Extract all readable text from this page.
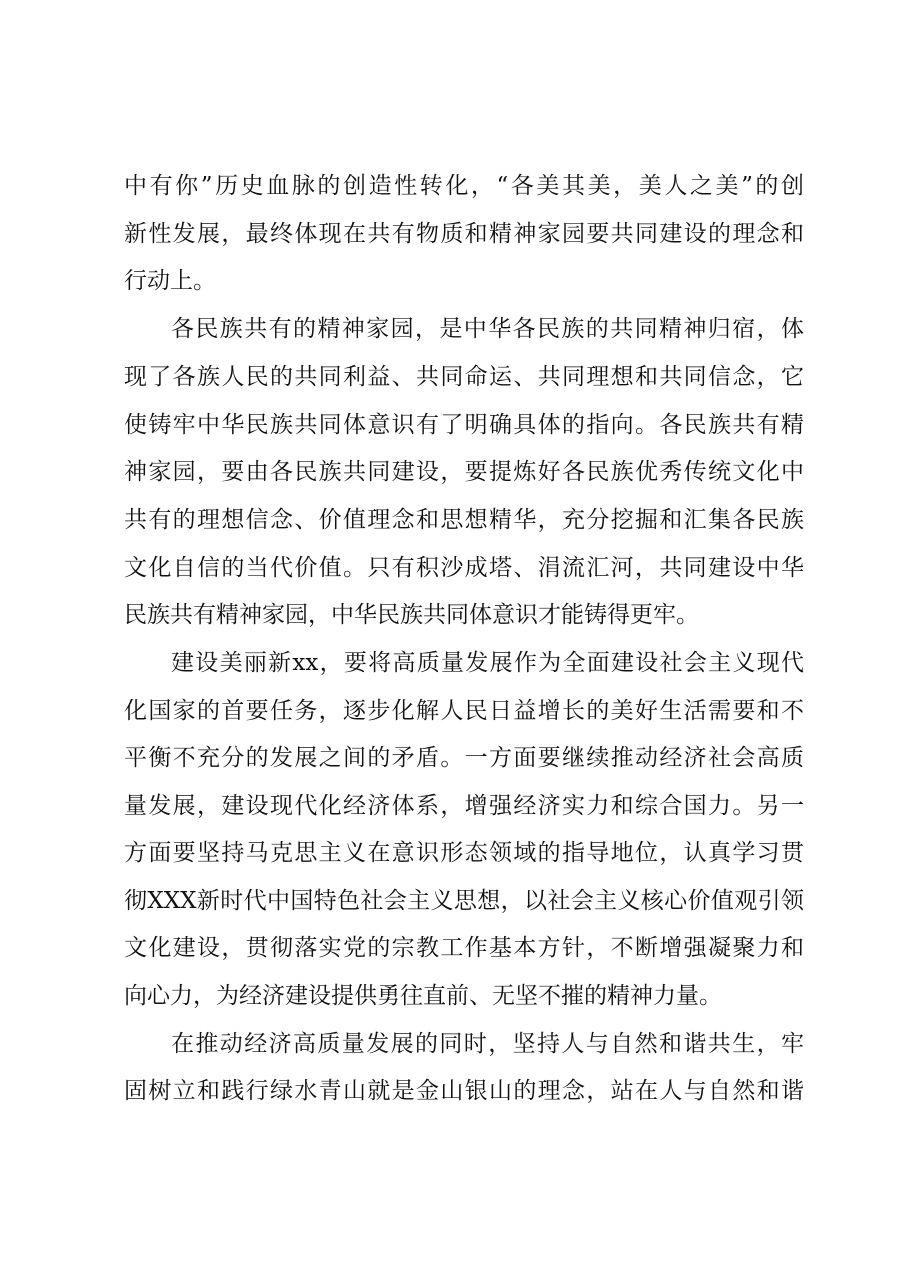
中有你”历史血脉的创造性转化，“各美其美，美人之美”的创

新性发展，最终体现在共有物质和精神家园要共同建设的理念和

行动上。

各民族共有的精神家园，是中华各民族的共同精神归宿，体

现了各族人民的共同利益、共同命运、共同理想和共同信念，它

使铸牢中华民族共同体意识有了明确具体的指向。各民族共有精

神家园，要由各民族共同建设，要提炼好各民族优秀传统文化中

共有的理想信念、价值理念和思想精华，充分挖掘和汇集各民族

文化自信的当代价值。只有积沙成塔、涓流汇河，共同建设中华

民族共有精神家园，中华民族共同体意识才能铸得更牢。

建设美丽新xx，要将高质量发展作为全面建设社会主义现代

化国家的首要任务，逐步化解人民日益增长的美好生活需要和不

平衡不充分的发展之间的矛盾。一方面要继续推动经济社会高质

量发展，建设现代化经济体系，增强经济实力和综合国力。另一

方面要坚持马克思主义在意识形态领域的指导地位，认真学习贯

彻XXX新时代中国特色社会主义思想，以社会主义核心价值观引领

文化建设，贯彻落实党的宗教工作基本方针，不断增强凝聚力和

向心力，为经济建设提供勇往直前、无坚不摧的精神力量。

在推动经济高质量发展的同时，坚持人与自然和谐共生，牢

固树立和践行绿水青山就是金山银山的理念，站在人与自然和谐
